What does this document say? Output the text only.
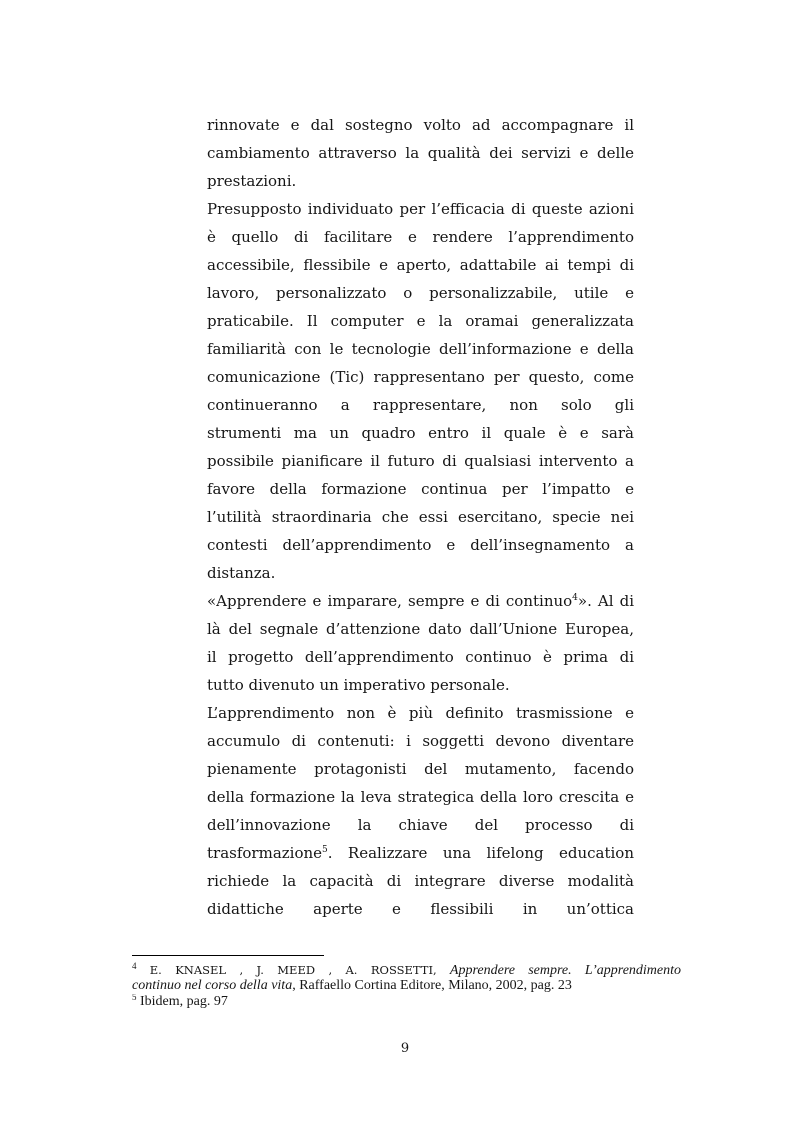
rinnovate e dal sostegno volto ad accompagnare il
cambiamento attraverso la qualità dei servizi e delle
prestazioni.
Presupposto individuato per l’efficacia di queste azioni
è quello di facilitare e rendere l’apprendimento
accessibile, flessibile e aperto, adattabile ai tempi di
lavoro, personalizzato o personalizzabile, utile e
praticabile. Il computer e la oramai generalizzata
familiarità con le tecnologie dell’informazione e della
comunicazione (Tic) rappresentano per questo, come
continueranno a rappresentare, non solo gli
strumenti ma un quadro entro il quale è e sarà
possibile pianificare il futuro di qualsiasi intervento a
favore della formazione continua per l’impatto e
l’utilità straordinaria che essi esercitano, specie nei
contesti dell’apprendimento e dell’insegnamento a
distanza.
«Apprendere e imparare, sempre e di continuo$^4$». Al di
là del segnale d’attenzione dato dall’Unione Europea,
il progetto dell’apprendimento continuo è prima di
tutto divenuto un imperativo personale.
L’apprendimento non è più definito trasmissione e
accumulo di contenuti: i soggetti devono diventare
pienamente protagonisti del mutamento, facendo
della formazione la leva strategica della loro crescita e
dell’innovazione la chiave del processo di
trasformazione$^5$. Realizzare una lifelong education
richiede la capacità di integrare diverse modalità
didattiche aperte e flessibili in un’ottica
$^4$ E. KNASEL , J. MEED , A. ROSSETTI, Apprendere sempre. L’apprendimento
continuo nel corso della vita, Raffaello Cortina Editore, Milano, 2002, pag. 23
$^5$ Ibidem, pag. 97
9
